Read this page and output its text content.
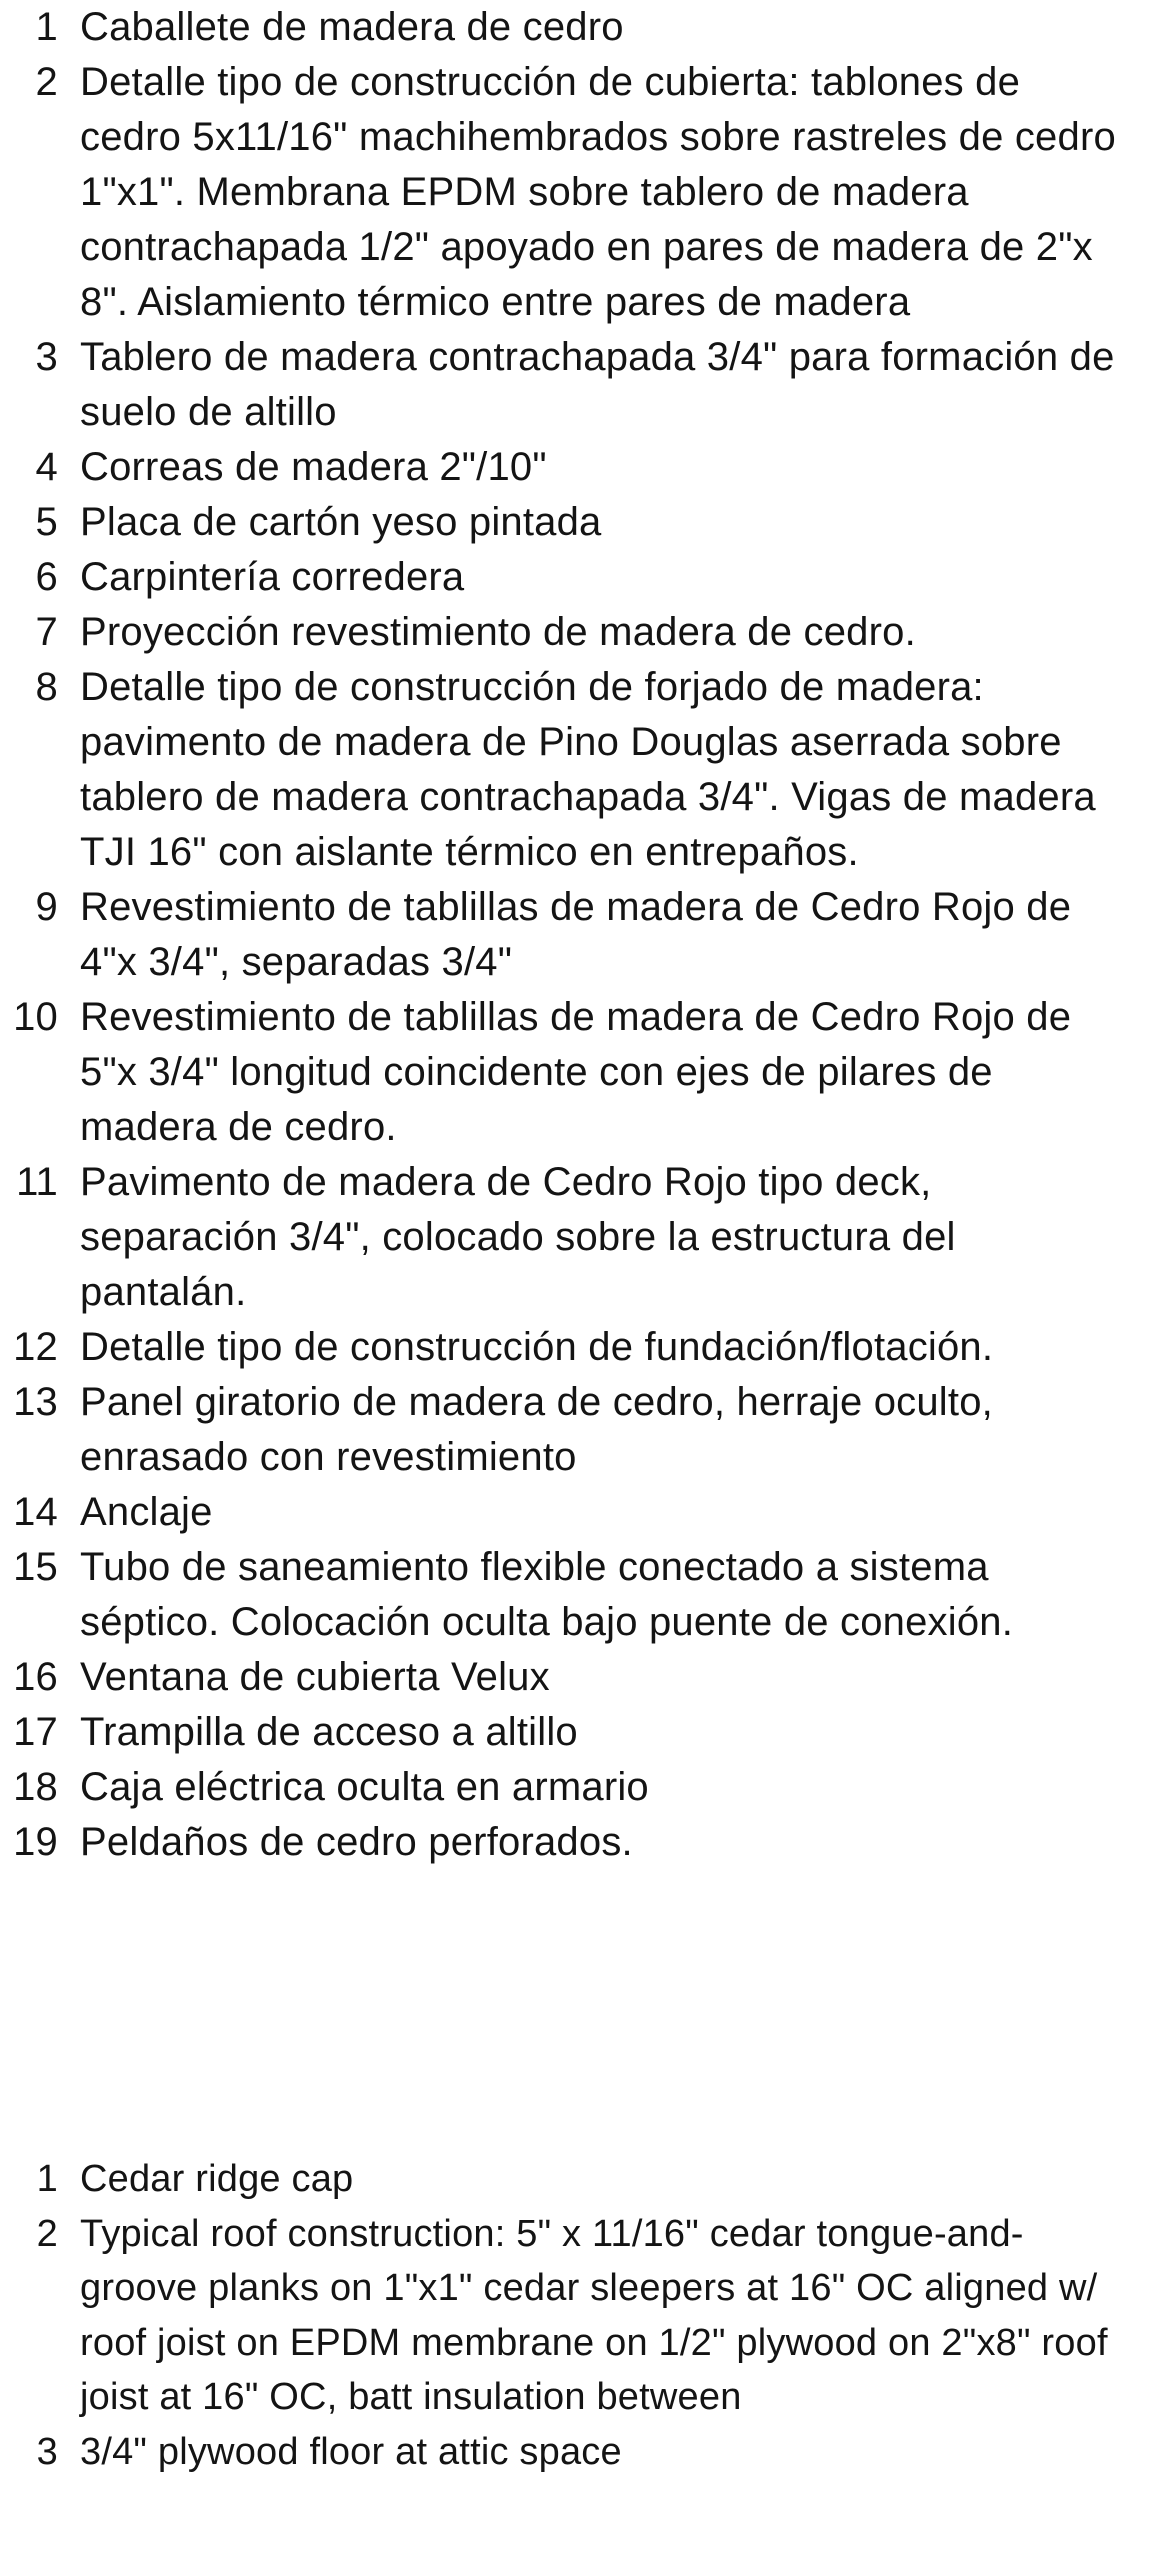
1 Caballete de madera de cedro
2 Detalle tipo de construcción de cubierta: tablones de cedro 5x11/16" machihembrados sobre rastreles de cedro 1"x1". Membrana EPDM sobre tablero de madera contrachapada 1/2" apoyado en pares de madera de 2"x 8". Aislamiento térmico entre pares de madera
3 Tablero de madera contrachapada 3/4" para formación de suelo de altillo
4 Correas de madera 2"/10"
5 Placa de cartón yeso pintada
6 Carpintería corredera
7 Proyección revestimiento de madera de cedro.
8 Detalle tipo de construcción de forjado de madera: pavimento de madera de Pino Douglas aserrada sobre tablero de madera contrachapada 3/4". Vigas de madera TJI 16" con aislante térmico en entrepaños.
9 Revestimiento de tablillas de madera de Cedro Rojo de 4"x 3/4", separadas 3/4"
10 Revestimiento de tablillas de madera de Cedro Rojo de 5"x 3/4" longitud coincidente con ejes de pilares de madera de cedro.
11 Pavimento de madera de Cedro Rojo tipo deck, separación 3/4", colocado sobre la estructura del pantalán.
12 Detalle tipo de construcción de fundación/flotación.
13 Panel giratorio de madera de cedro, herraje oculto, enrasado con revestimiento
14 Anclaje
15 Tubo de saneamiento flexible conectado a sistema séptico. Colocación oculta bajo puente de conexión.
16 Ventana de cubierta Velux
17 Trampilla de acceso a altillo
18 Caja eléctrica oculta en armario
19 Peldaños de cedro perforados.
1 Cedar ridge cap
2 Typical roof construction: 5" x 11/16" cedar tongue-and-groove planks on 1"x1" cedar sleepers at 16" OC aligned w/ roof joist on EPDM membrane on 1/2" plywood on 2"x8" roof joist at 16" OC, batt insulation between
3 3/4" plywood floor at attic space
